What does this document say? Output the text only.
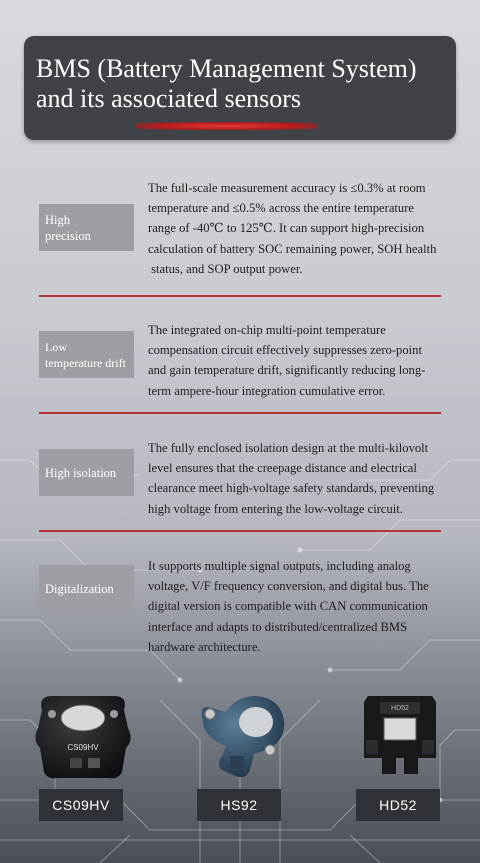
BMS (Battery Management System)
and its associated sensors
High
precision
The full-scale measurement accuracy is ≤0.3% at room
temperature and ≤0.5% across the entire temperature
range of -40℃ to 125℃. It can support high-precision
calculation of battery SOC remaining power, SOH health
status, and SOP output power.
Low
temperature drift
The integrated on-chip multi-point temperature
compensation circuit effectively suppresses zero-point
and gain temperature drift, significantly reducing long-
term ampere-hour integration cumulative error.
High isolation
The fully enclosed isolation design at the multi-kilovolt
level ensures that the creepage distance and electrical
clearance meet high-voltage safety standards, preventing
high voltage from entering the low-voltage circuit.
Digitalization
It supports multiple signal outputs, including analog
voltage, V/F frequency conversion, and digital bus. The
digital version is compatible with CAN communication
interface and adapts to distributed/centralized BMS
hardware architecture.
CS09HV
HD52
CS09HV	HS92	HD52
